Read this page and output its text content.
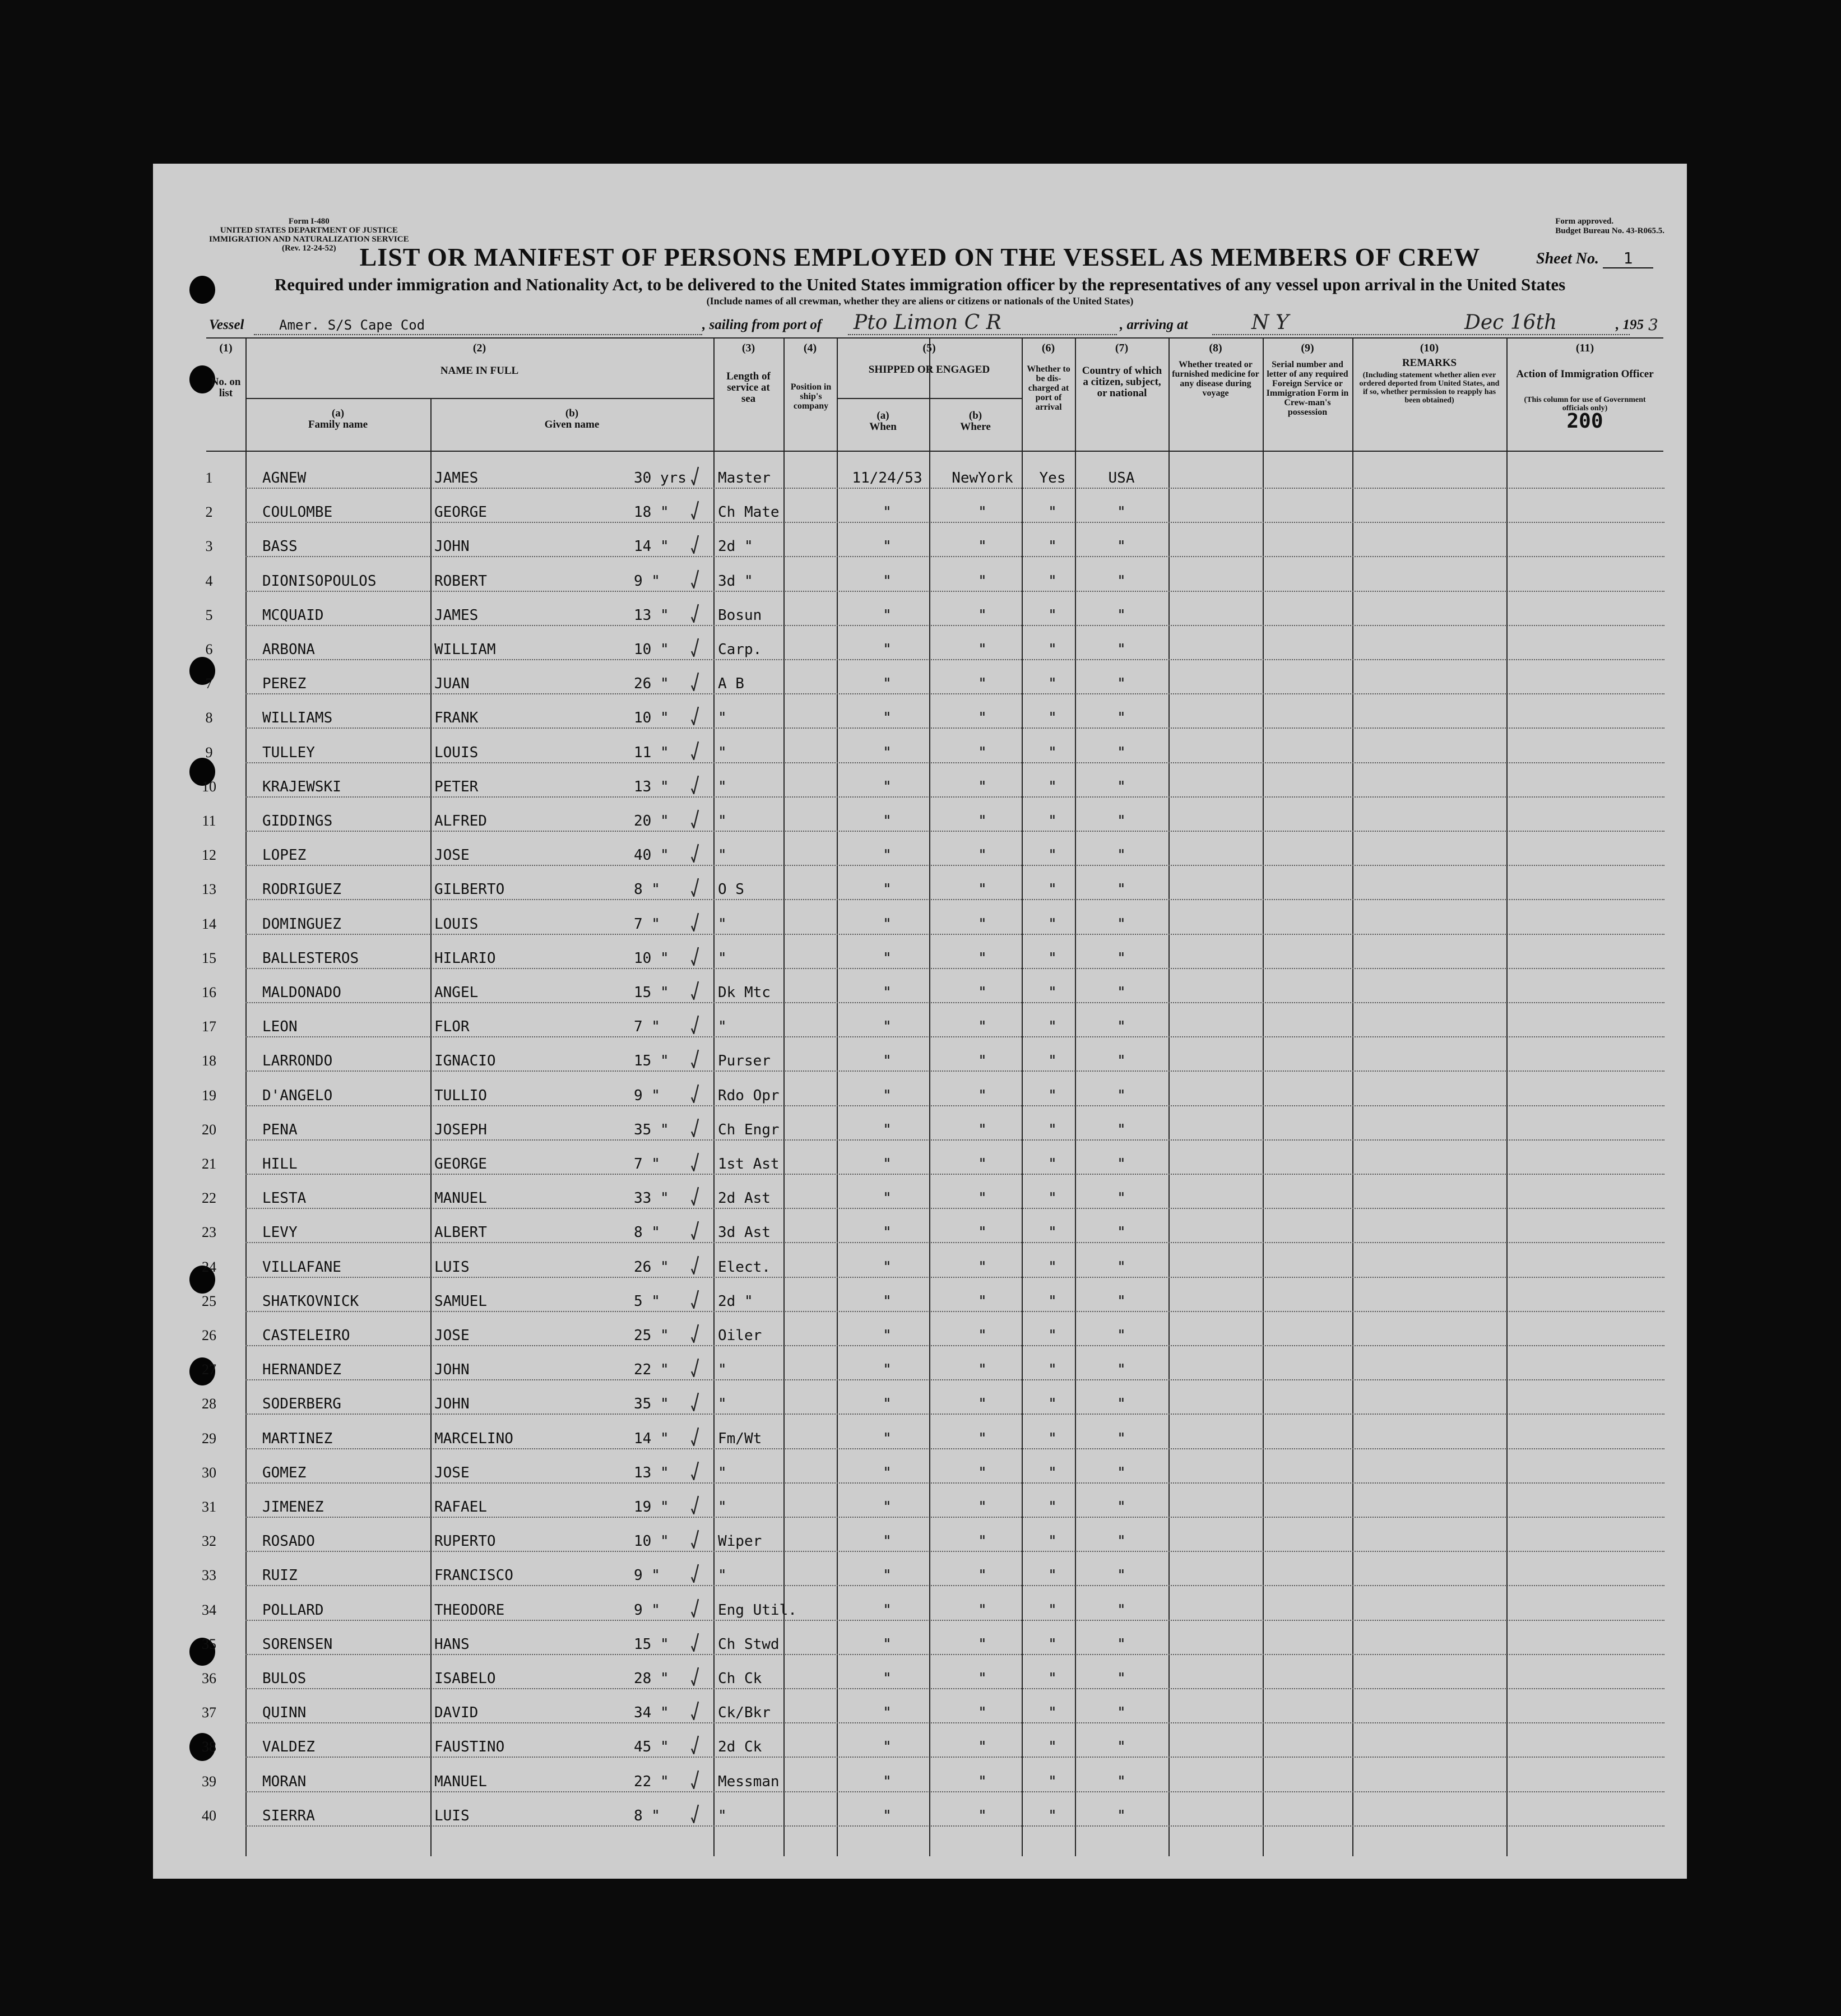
Form I-480
UNITED STATES DEPARTMENT OF JUSTICE
IMMIGRATION AND NATURALIZATION SERVICE
(Rev. 12-24-52)
Form approved.
Budget Bureau No. 43-R065.5.
LIST OR MANIFEST OF PERSONS EMPLOYED ON THE VESSEL AS MEMBERS OF CREW	Sheet No. 1
Required under immigration and Nationality Act, to be delivered to the United States immigration officer by the representatives of any vessel upon arrival in the United States
(Include names of all crewman, whether they are aliens or citizens or nationals of the United States)
Vessel	Amer. S/S Cape Cod	, sailing from port of Pto Limon C R	, arriving at	N Y	Dec 16th	, 195 3
(1)	(2)	(3)	(4)	(5)	(6)	(7)	(8)	(9)	(10)	(11)
No. on list
NAME IN FULL
(a)
Family name
(b)
Given name
Length of service at sea
Position in ship's company
SHIPPED OR ENGAGED
(a)
When
(b)
Where
Whether to be dis-charged at port of arrival
Country of which a citizen, subject, or national
Whether treated or furnished medicine for any disease during voyage
Serial number and letter of any required Foreign Service or Immigration Form in Crew-man's possession
REMARKS
(Including statement whether alien ever ordered deported from United States, and if so, whether permission to reapply has been obtained)
Action of Immigration Officer
(This column for use of Government officials only)
200
1	AGNEW	JAMES	30 yrs Master	11/24/53	NewYork	Yes	USA
2	COULOMBE	GEORGE	18 "	Ch Mate	"	"	"	"
3	BASS	JOHN	14 "	2d "	"	"	"	"
4	DIONISOPOULOS	ROBERT	9 "	3d "	"	"	"	"
5	MCQUAID	JAMES	13 "	Bosun	"	"	"	"
6	ARBONA	WILLIAM	10 "	Carp.	"	"	"	"
7	PEREZ	JUAN	26 "	A B	"	"	"	"
8	WILLIAMS	FRANK	10 "	"	"	"	"	"
9	TULLEY	LOUIS	11 "	"	"	"	"	"
10	KRAJEWSKI	PETER	13 "	"	"	"	"	"
11	GIDDINGS	ALFRED	20 "	"	"	"	"	"
12	LOPEZ	JOSE	40 "	"	"	"	"	"
13	RODRIGUEZ	GILBERTO	8 "	O S	"	"	"	"
14	DOMINGUEZ	LOUIS	7 "	"	"	"	"	"
15	BALLESTEROS	HILARIO	10 "	"	"	"	"	"
16	MALDONADO	ANGEL	15 "	Dk Mtc	"	"	"	"
17	LEON	FLOR	7 "	"	"	"	"	"
18	LARRONDO	IGNACIO	15 "	Purser	"	"	"	"
19	D'ANGELO	TULLIO	9 "	Rdo Opr	"	"	"	"
20	PENA	JOSEPH	35 "	Ch Engr	"	"	"	"
21	HILL	GEORGE	7 "	1st Ast	"	"	"	"
22	LESTA	MANUEL	33 "	2d Ast	"	"	"	"
23	LEVY	ALBERT	8 "	3d Ast	"	"	"	"
24	VILLAFANE	LUIS	26 "	Elect.	"	"	"	"
25	SHATKOVNICK	SAMUEL	5 "	2d "	"	"	"	"
26	CASTELEIRO	JOSE	25 "	Oiler	"	"	"	"
27	HERNANDEZ	JOHN	22 "	"	"	"	"	"
28	SODERBERG	JOHN	35 "	"	"	"	"	"
29	MARTINEZ	MARCELINO	14 "	Fm/Wt	"	"	"	"
30	GOMEZ	JOSE	13 "	"	"	"	"	"
31	JIMENEZ	RAFAEL	19 "	"	"	"	"	"
32	ROSADO	RUPERTO	10 "	Wiper	"	"	"	"
33	RUIZ	FRANCISCO	9 "	"	"	"	"	"
34	POLLARD	THEODORE	9 "	Eng Util.	"	"	"	"
35	SORENSEN	HANS	15 "	Ch Stwd	"	"	"	"
36	BULOS	ISABELO	28 "	Ch Ck	"	"	"	"
37	QUINN	DAVID	34 "	Ck/Bkr	"	"	"	"
38	VALDEZ	FAUSTINO	45 "	2d Ck	"	"	"	"
39	MORAN	MANUEL	22 "	Messman	"	"	"	"
40	SIERRA	LUIS	8 "	"	"	"	"	"
